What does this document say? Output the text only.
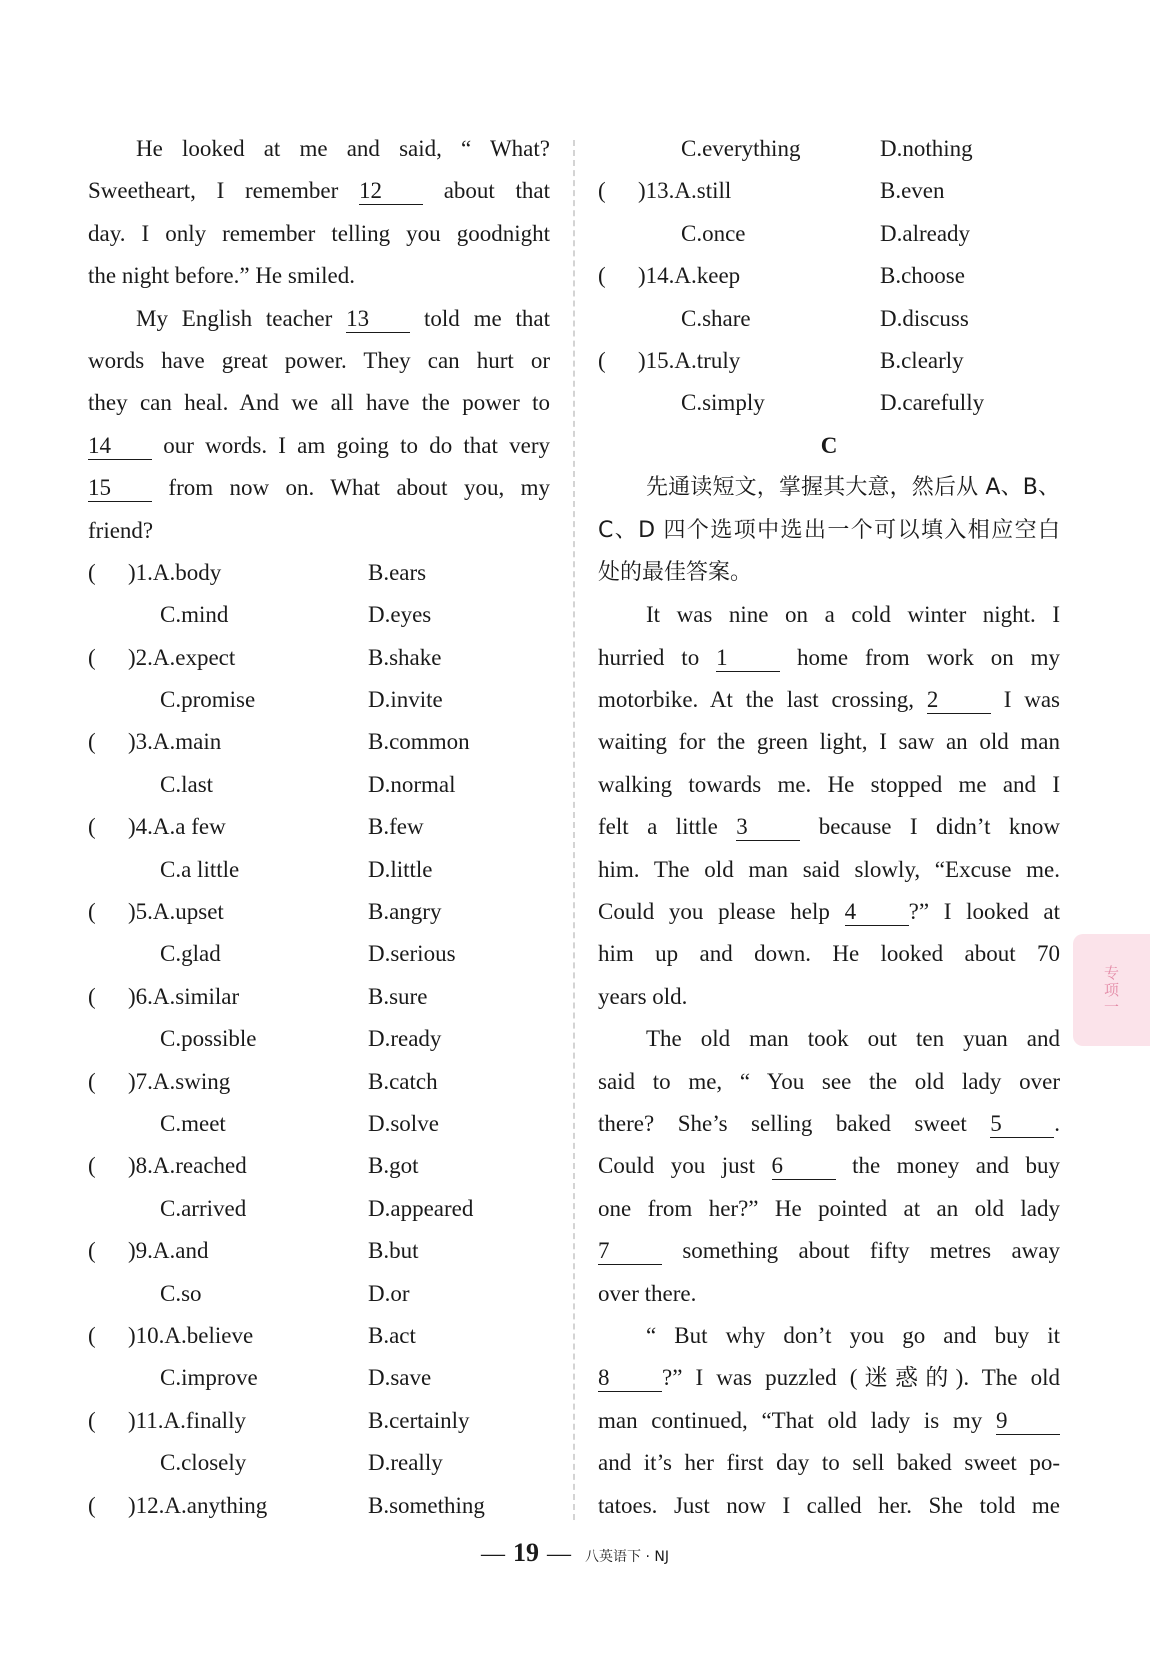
He looked at me and said, “ What?
Sweetheart, I remember 12	about that
day. I only remember telling you goodnight
the night before.” He smiled.
My English teacher 13 told me that
words have great power. They can hurt or
they can heal. And we all have the power to
14 our words. I am going to do that very
15 from now on. What about you, my
friend?
( )1.A.body	B.ears
C.mind	D.eyes
( )2.A.expect	B.shake
C.promise	D.invite
( )3.A.main	B.common
C.last	D.normal
( )4.A.a few	B.few
C.a little	D.little
( )5.A.upset	B.angry
C.glad	D.serious
( )6.A.similar	B.sure
C.possible	D.ready
( )7.A.swing	B.catch
C.meet	D.solve
( )8.A.reached	B.got
C.arrived	D.appeared
( )9.A.and	B.but
C.so	D.or
( )10.A.believe	B.act
C.improve	D.save
( )11.A.finally	B.certainly
C.closely	D.really
( )12.A.anything	B.something
C.everything	D.nothing
( )13.A.still	B.even
C.once	D.already
( )14.A.keep	B.choose
C.share	D.discuss
( )15.A.truly	B.clearly
C.simply	D.carefully
C
先通读短文，掌握其大意，然后从 A、B、
C、D 四个选项中选出一个可以填入相应空白
处的最佳答案。
It was nine on a cold winter night. I
hurried to 1	home from work on my
motorbike. At the last crossing, 2	I was
waiting for the green light, I saw an old man
walking towards me. He stopped me and I
felt a little 3	because I didn’t know
him. The old man said slowly, “Excuse me.
Could you please help 4 ?” I looked at
him up and down. He looked about 70
years old.
The old man took out ten yuan and
said to me, “ You see the old lady over
there? She’s selling baked sweet 5 .
Could you just 6	the money and buy
one from her?” He pointed at an old lady
7	something about fifty metres away
over there.
“ But why don’t you go and buy it
8 ?” I was puzzled (迷惑的). The old
man continued, “That old lady is my 9
and it’s her first day to sell baked sweet po-
tatoes. Just now I called her. She told me
专项一
— 19 — 八英语下 · NJ
